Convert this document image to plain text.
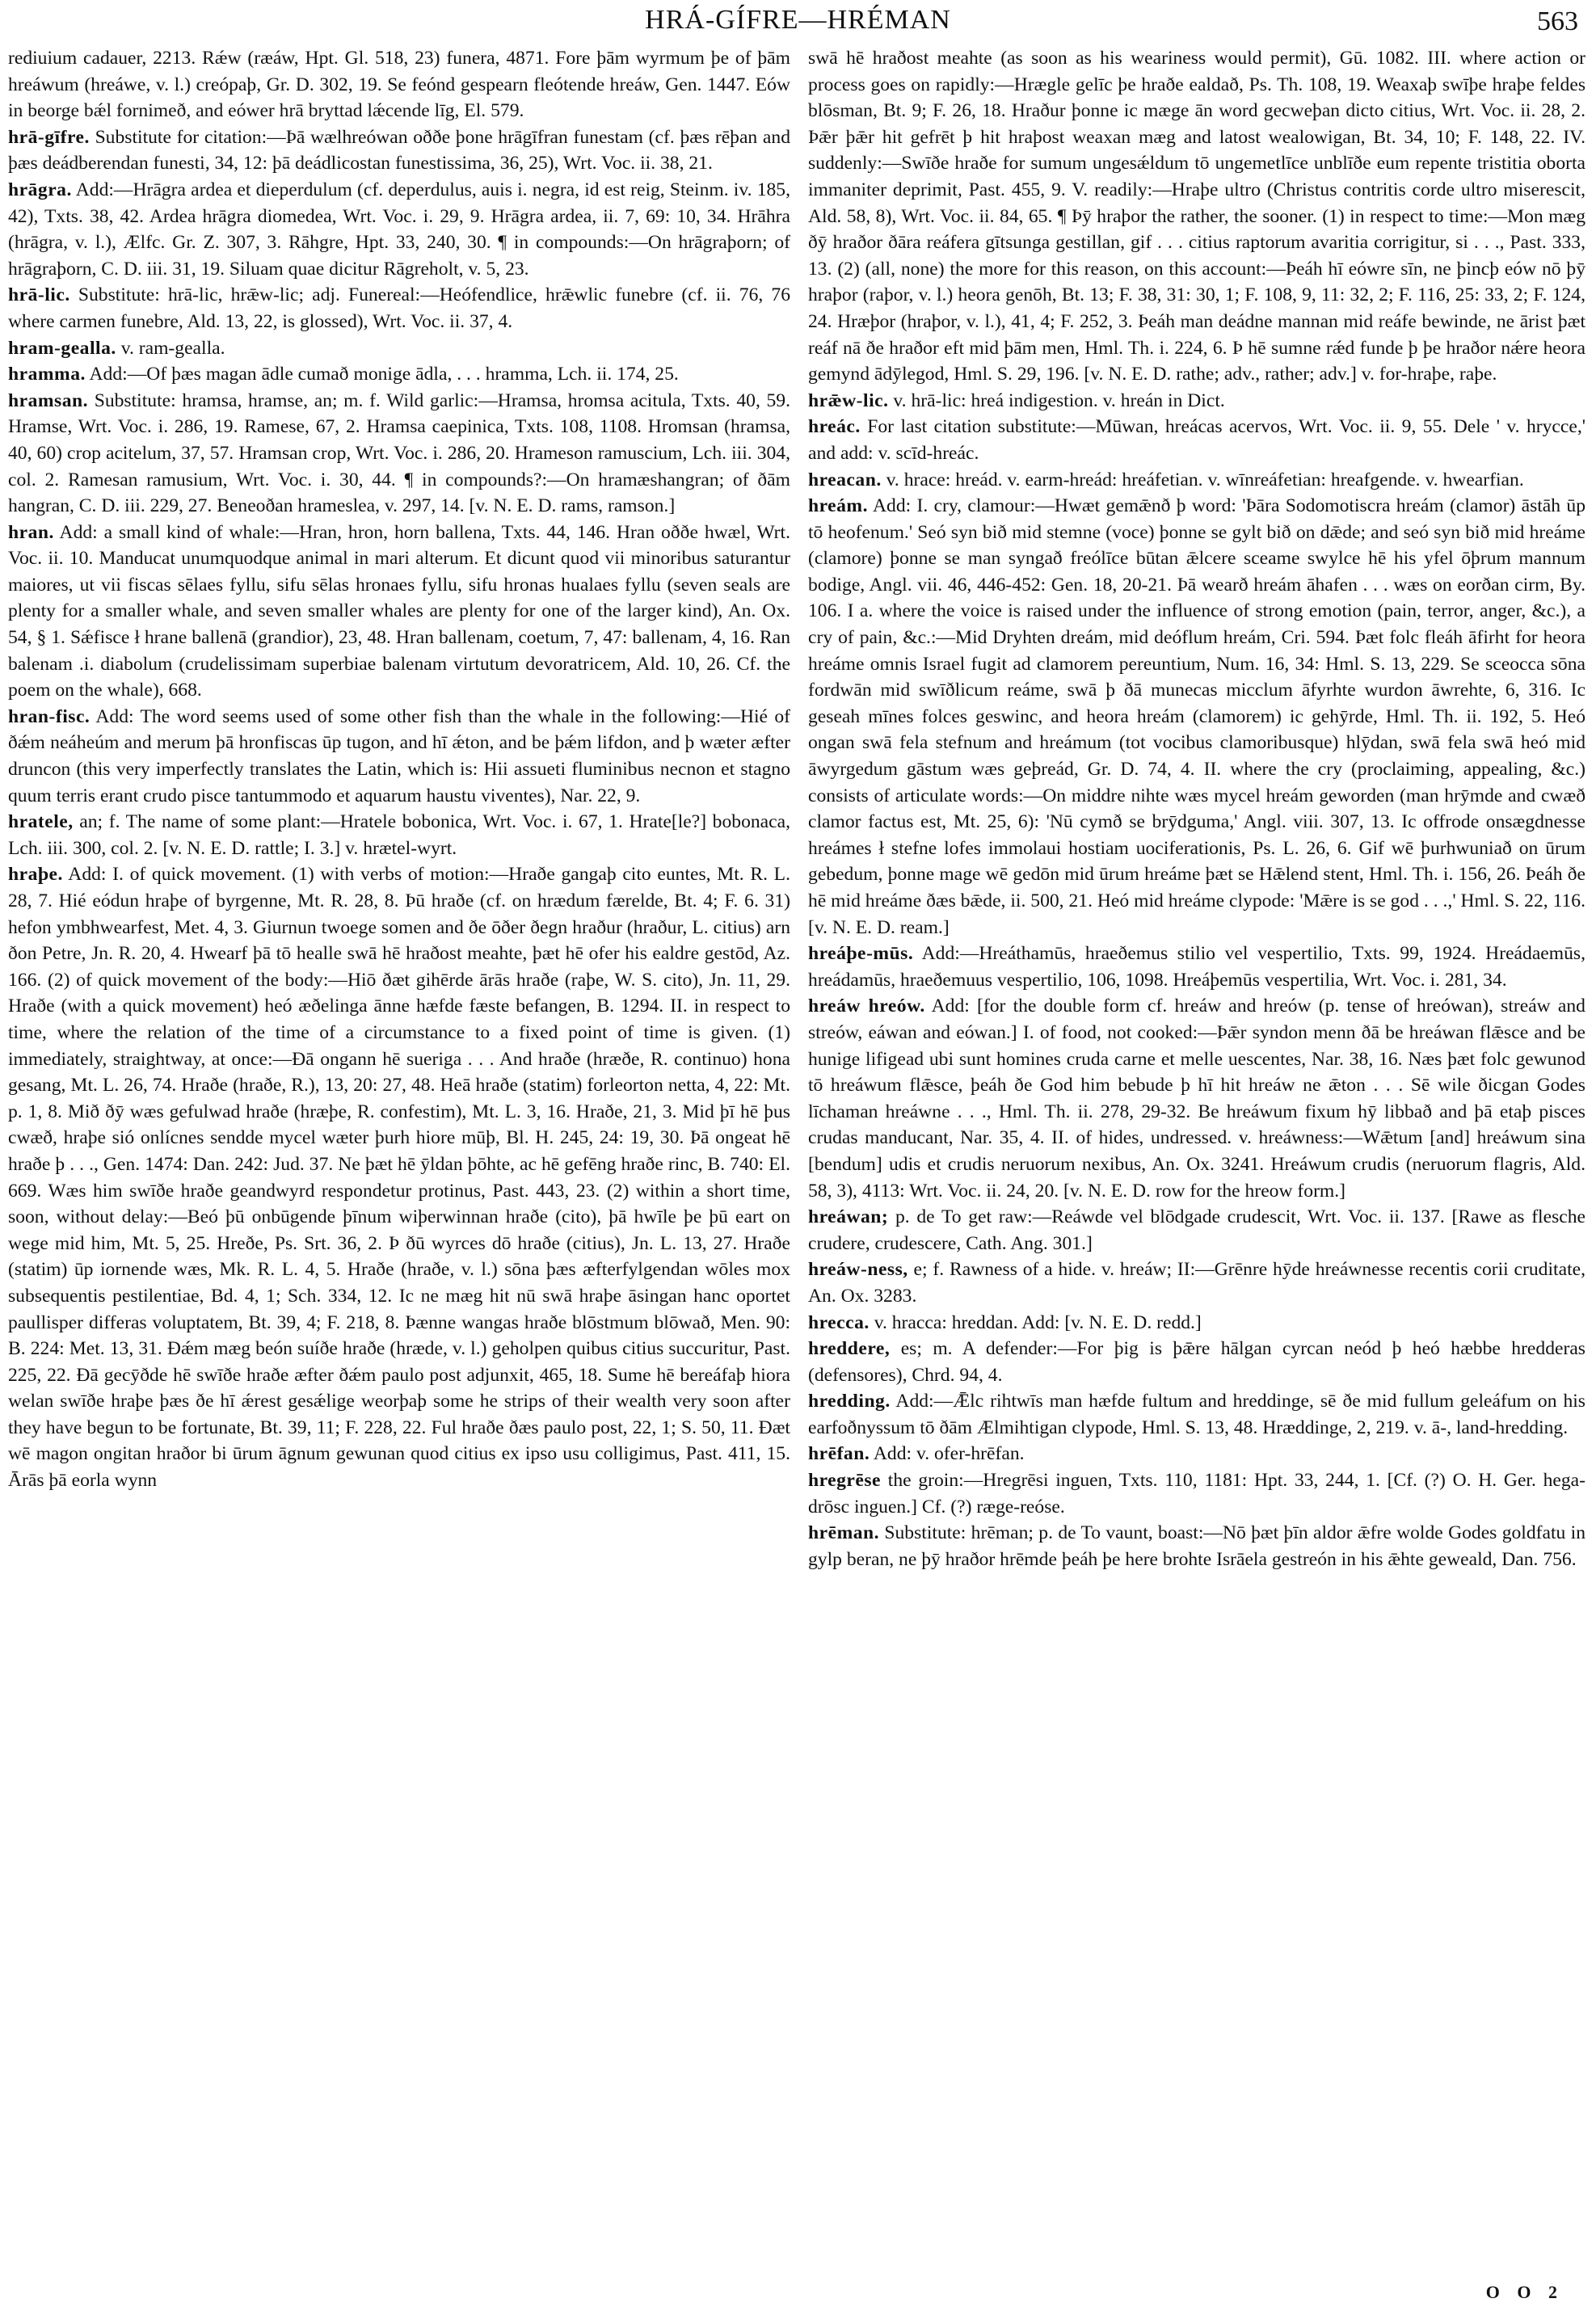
HRÁ-GÍFRE—HRÉMAN	563

rediuium cadauer, 2213. Rǽw (ræáw, Hpt. Gl. 518, 23) funera, 4871. Fore þām wyrmum þe of þām hreáwum (hreáwe, v. l.) creópaþ, Gr. D. 302, 19. Se feónd gespearn fleótende hreáw, Gen. 1447. Eów in beorge bǽl fornimeð, and eówer hrā bryttad lǽcende līg, El. 579.

hrā-gīfre. Substitute for citation:—Þā wælhreówan oððe þone hrāgīfran funestam (cf. þæs rēþan and þæs deádberendan funesti, 34, 12: þā deádlicostan funestissima, 36, 25), Wrt. Voc. ii. 38, 21.

hrāgra. Add:—Hrāgra ardea et dieperdulum (cf. deperdulus, auis i. negra, id est reig, Steinm. iv. 185, 42), Txts. 38, 42. Ardea hrāgra diomedea, Wrt. Voc. i. 29, 9. Hrāgra ardea, ii. 7, 69: 10, 34. Hrāhra (hrāgra, v. l.), Ælfc. Gr. Z. 307, 3. Rāhgre, Hpt. 33, 240, 30. ¶ in compounds:—On hrāgraþorn; of hrāgraþorn, C. D. iii. 31, 19. Siluam quae dicitur Rāgreholt, v. 5, 23.

hrā-lic. Substitute: hrā-lic, hrǣw-lic; adj. Funereal:—Heófendlice, hrǣwlic funebre (cf. ii. 76, 76 where carmen funebre, Ald. 13, 22, is glossed), Wrt. Voc. ii. 37, 4.

hram-gealla. v. ram-gealla.

hramma. Add:—Of þæs magan ādle cumað monige ādla, . . . hramma, Lch. ii. 174, 25.

hramsan. Substitute: hramsa, hramse, an; m. f. Wild garlic:—Hramsa, hromsa acitula, Txts. 40, 59. Hramse, Wrt. Voc. i. 286, 19. Ramese, 67, 2. Hramsa caepinica, Txts. 108, 1108. Hromsan (hramsa, 40, 60) crop acitelum, 37, 57. Hramsan crop, Wrt. Voc. i. 286, 20. Hrameson ramuscium, Lch. iii. 304, col. 2. Ramesan ramusium, Wrt. Voc. i. 30, 44. ¶ in compounds?:—On hramæshangran; of ðām hangran, C. D. iii. 229, 27. Beneoðan hrameslea, v. 297, 14. [v. N. E. D. rams, ramson.]

hran. Add: a small kind of whale:—Hran, hron, horn ballena, Txts. 44, 146. Hran oððe hwæl, Wrt. Voc. ii. 10. Manducat unumquodque animal in mari alterum. Et dicunt quod vii minoribus saturantur maiores, ut vii fiscas sēlaes fyllu, sifu sēlas hronaes fyllu, sifu hronas hualaes fyllu (seven seals are plenty for a smaller whale, and seven smaller whales are plenty for one of the larger kind), An. Ox. 54, § 1. Sǽfisce ł hrane ballenā (grandior), 23, 48. Hran ballenam, coetum, 7, 47: ballenam, 4, 16. Ran balenam .i. diabolum (crudelissimam superbiae balenam virtutum devoratricem, Ald. 10, 26. Cf. the poem on the whale), 668.

hran-fisc. Add: The word seems used of some other fish than the whale in the following:—Hié of ðǽm neáheúm and merum þā hronfiscas ūp tugon, and hī ǽton, and be þǽm lifdon, and þ wæter æfter druncon (this very imperfectly translates the Latin, which is: Hii assueti fluminibus necnon et stagno quum terris erant crudo pisce tantummodo et aquarum haustu viventes), Nar. 22, 9.

hratele, an; f. The name of some plant:—Hratele bobonica, Wrt. Voc. i. 67, 1. Hrate[le?] bobonaca, Lch. iii. 300, col. 2. [v. N. E. D. rattle; I. 3.] v. hrætel-wyrt.

hraþe. Add: I. of quick movement. (1) with verbs of motion:—Hraðe gangaþ cito euntes, Mt. R. L. 28, 7. Hié eódun hraþe of byrgenne, Mt. R. 28, 8. Þū hraðe (cf. on hrædum færelde, Bt. 4; F. 6. 31) hefon ymbhwearfest, Met. 4, 3. Giurnun twoege somen and ðe ōðer ðegn hraður (hraður, L. citius) arn ðon Petre, Jn. R. 20, 4. Hwearf þā tō healle swā hē hraðost meahte, þæt hē ofer his ealdre gestōd, Az. 166. (2) of quick movement of the body:—Hiō ðæt gihērde ārās hraðe (raþe, W. S. cito), Jn. 11, 29. Hraðe (with a quick movement) heó æðelinga ānne hæfde fæste befangen, B. 1294. II. in respect to time, where the relation of the time of a circumstance to a fixed point of time is given. (1) immediately, straightway, at once:—Ðā ongann hē sueriga . . . And hraðe (hræðe, R. continuo) hona gesang, Mt. L. 26, 74. Hraðe (hraðe, R.), 13, 20: 27, 48. Heā hraðe (statim) forleorton netta, 4, 22: Mt. p. 1, 8. Mið ðȳ wæs gefulwad hraðe (hræþe, R. confestim), Mt. L. 3, 16. Hraðe, 21, 3. Mid þī hē þus cwæð, hraþe sió onlícnes sendde mycel wæter þurh hiore mūþ, Bl. H. 245, 24: 19, 30. Þā ongeat hē hraðe þ . . ., Gen. 1474: Dan. 242: Jud. 37. Ne þæt hē ȳldan þōhte, ac hē gefēng hraðe rinc, B. 740: El. 669. Wæs him swīðe hraðe geandwyrd respondetur protinus, Past. 443, 23. (2) within a short time, soon, without delay:—Beó þū onbūgende þīnum wiþerwinnan hraðe (cito), þā hwīle þe þū eart on wege mid him, Mt. 5, 25. Hreðe, Ps. Srt. 36, 2. Þ ðū wyrces dō hraðe (citius), Jn. L. 13, 27. Hraðe (statim) ūp iornende wæs, Mk. R. L. 4, 5. Hraðe (hraðe, v. l.) sōna þæs æfterfylgendan wōles mox subsequentis pestilentiae, Bd. 4, 1; Sch. 334, 12. Ic ne mæg hit nū swā hraþe āsingan hanc oportet paullisper differas voluptatem, Bt. 39, 4; F. 218, 8. Þænne wangas hraðe blōstmum blōwað, Men. 90: B. 224: Met. 13, 31. Ðǽm mæg beón suíðe hraðe (hræde, v. l.) geholpen quibus citius succuritur, Past. 225, 22. Ðā gecȳðde hē swīðe hraðe æfter ðǽm paulo post adjunxit, 465, 18. Sume hē bereáfaþ hiora welan swīðe hraþe þæs ðe hī ǽrest gesǽlige weorþaþ some he strips of their wealth very soon after they have begun to be fortunate, Bt. 39, 11; F. 228, 22. Ful hraðe ðæs paulo post, 22, 1; S. 50, 11. Ðæt wē magon ongitan hraðor bi ūrum āgnum gewunan quod citius ex ipso usu colligimus, Past. 411, 15. Ārās þā eorla wynn

swā hē hraðost meahte (as soon as his weariness would permit), Gū. 1082. III. where action or process goes on rapidly:—Hrægle gelīc þe hraðe ealdað, Ps. Th. 108, 19. Weaxaþ swīþe hraþe feldes blōsman, Bt. 9; F. 26, 18. Hraður þonne ic mæge ān word gecweþan dicto citius, Wrt. Voc. ii. 28, 2. Þǣr þǣr hit gefrēt þ hit hraþost weaxan mæg and latost wealowigan, Bt. 34, 10; F. 148, 22. IV. suddenly:—Swīðe hraðe for sumum ungesǽldum tō ungemetlīce unblīðe eum repente tristitia oborta immaniter deprimit, Past. 455, 9. V. readily:—Hraþe ultro (Christus contritis corde ultro miserescit, Ald. 58, 8), Wrt. Voc. ii. 84, 65. ¶ Þȳ hraþor the rather, the sooner. (1) in respect to time:—Mon mæg ðȳ hraðor ðāra reáfera gītsunga gestillan, gif . . . citius raptorum avaritia corrigitur, si . . ., Past. 333, 13. (2) (all, none) the more for this reason, on this account:—Þeáh hī eówre sīn, ne þincþ eów nō þȳ hraþor (raþor, v. l.) heora genōh, Bt. 13; F. 38, 31: 30, 1; F. 108, 9, 11: 32, 2; F. 116, 25: 33, 2; F. 124, 24. Hræþor (hraþor, v. l.), 41, 4; F. 252, 3. Þeáh man deádne mannan mid reáfe bewinde, ne ārist þæt reáf nā ðe hraðor eft mid þām men, Hml. Th. i. 224, 6. Þ hē sumne rǽd funde þ þe hraðor nǽre heora gemynd ādȳlegod, Hml. S. 29, 196. [v. N. E. D. rathe; adv., rather; adv.] v. for-hraþe, raþe.

hrǣw-lic. v. hrā-lic: hreá indigestion. v. hreán in Dict.

hreác. For last citation substitute:—Mūwan, hreácas acervos, Wrt. Voc. ii. 9, 55. Dele ' v. hrycce,' and add: v. scīd-hreác.

hreacan. v. hrace: hreád. v. earm-hreád: hreáfetian. v. wīnreáfetian: hreafgende. v. hwearfian.

hreám. Add: I. cry, clamour:—Hwæt gemǣnð þ word: 'Þāra Sodomotiscra hreám (clamor) āstāh ūp tō heofenum.' Seó syn bið mid stemne (voce) þonne se gylt bið on dǣde; and seó syn bið mid hreáme (clamore) þonne se man syngað freólīce būtan ǣlcere sceame swylce hē his yfel ōþrum mannum bodige, Angl. vii. 46, 446-452: Gen. 18, 20-21. Þā wearð hreám āhafen . . . wæs on eorðan cirm, By. 106. I a. where the voice is raised under the influence of strong emotion (pain, terror, anger, &c.), a cry of pain, &c.:—Mid Dryhten dreám, mid deóflum hreám, Cri. 594. Þæt folc fleáh āfirht for heora hreáme omnis Israel fugit ad clamorem pereuntium, Num. 16, 34: Hml. S. 13, 229. Se sceocca sōna fordwān mid swīðlicum reáme, swā þ ðā munecas micclum āfyrhte wurdon āwrehte, 6, 316. Ic geseah mīnes folces geswinc, and heora hreám (clamorem) ic gehȳrde, Hml. Th. ii. 192, 5. Heó ongan swā fela stefnum and hreámum (tot vocibus clamoribusque) hlȳdan, swā fela swā heó mid āwyrgedum gāstum wæs geþreád, Gr. D. 74, 4. II. where the cry (proclaiming, appealing, &c.) consists of articulate words:—On middre nihte wæs mycel hreám geworden (man hrȳmde and cwæð clamor factus est, Mt. 25, 6): 'Nū cymð se brȳdguma,' Angl. viii. 307, 13. Ic offrode onsægdnesse hreámes ł stefne lofes immolaui hostiam uociferationis, Ps. L. 26, 6. Gif wē þurhwuniað on ūrum gebedum, þonne mage wē gedōn mid ūrum hreáme þæt se Hǣlend stent, Hml. Th. i. 156, 26. Þeáh ðe hē mid hreáme ðæs bǣde, ii. 500, 21. Heó mid hreáme clypode: 'Mǣre is se god . . .,' Hml. S. 22, 116. [v. N. E. D. ream.]

hreáþe-mūs. Add:—Hreáthamūs, hraeðemus stilio vel vespertilio, Txts. 99, 1924. Hreádaemūs, hreádamūs, hraeðemuus vespertilio, 106, 1098. Hreáþemūs vespertilia, Wrt. Voc. i. 281, 34.

hreáw hreów. Add: [for the double form cf. hreáw and hreów (p. tense of hreówan), streáw and streów, eáwan and eówan.] I. of food, not cooked:—Þǣr syndon menn ðā be hreáwan flǣsce and be hunige lifigead ubi sunt homines cruda carne et melle uescentes, Nar. 38, 16. Næs þæt folc gewunod tō hreáwum flǣsce, þeáh ðe God him bebude þ hī hit hreáw ne ǣton . . . Sē wile ðicgan Godes līchaman hreáwne . . ., Hml. Th. ii. 278, 29-32. Be hreáwum fixum hȳ libbað and þā etaþ pisces crudas manducant, Nar. 35, 4. II. of hides, undressed. v. hreáwness:—Wǣtum [and] hreáwum sina [bendum] udis et crudis neruorum nexibus, An. Ox. 3241. Hreáwum crudis (neruorum flagris, Ald. 58, 3), 4113: Wrt. Voc. ii. 24, 20. [v. N. E. D. row for the hreow form.]

hreáwan; p. de To get raw:—Reáwde vel blōdgade crudescit, Wrt. Voc. ii. 137. [Rawe as flesche crudere, crudescere, Cath. Ang. 301.]

hreáw-ness, e; f. Rawness of a hide. v. hreáw; II:—Grēnre hȳde hreáwnesse recentis corii cruditate, An. Ox. 3283.

hrecca. v. hracca: hreddan. Add: [v. N. E. D. redd.]

hreddere, es; m. A defender:—For þig is þǣre hālgan cyrcan neód þ heó hæbbe hredderas (defensores), Chrd. 94, 4.

hredding. Add:—Ǣlc rihtwīs man hæfde fultum and hreddinge, sē ðe mid fullum geleáfum on his earfoðnyssum tō ðām Ælmihtigan clypode, Hml. S. 13, 48. Hræddinge, 2, 219. v. ā-, land-hredding.

hrēfan. Add: v. ofer-hrēfan.

hregrēse the groin:—Hregrēsi inguen, Txts. 110, 1181: Hpt. 33, 244, 1. [Cf. (?) O. H. Ger. hega-drōsc inguen.] Cf. (?) ræge-reóse.

hrēman. Substitute: hrēman; p. de To vaunt, boast:—Nō þæt þīn aldor ǣfre wolde Godes goldfatu in gylp beran, ne þȳ hraðor hrēmde þeáh þe here brohte Isrāela gestreón in his ǣhte geweald, Dan. 756.

O O 2
